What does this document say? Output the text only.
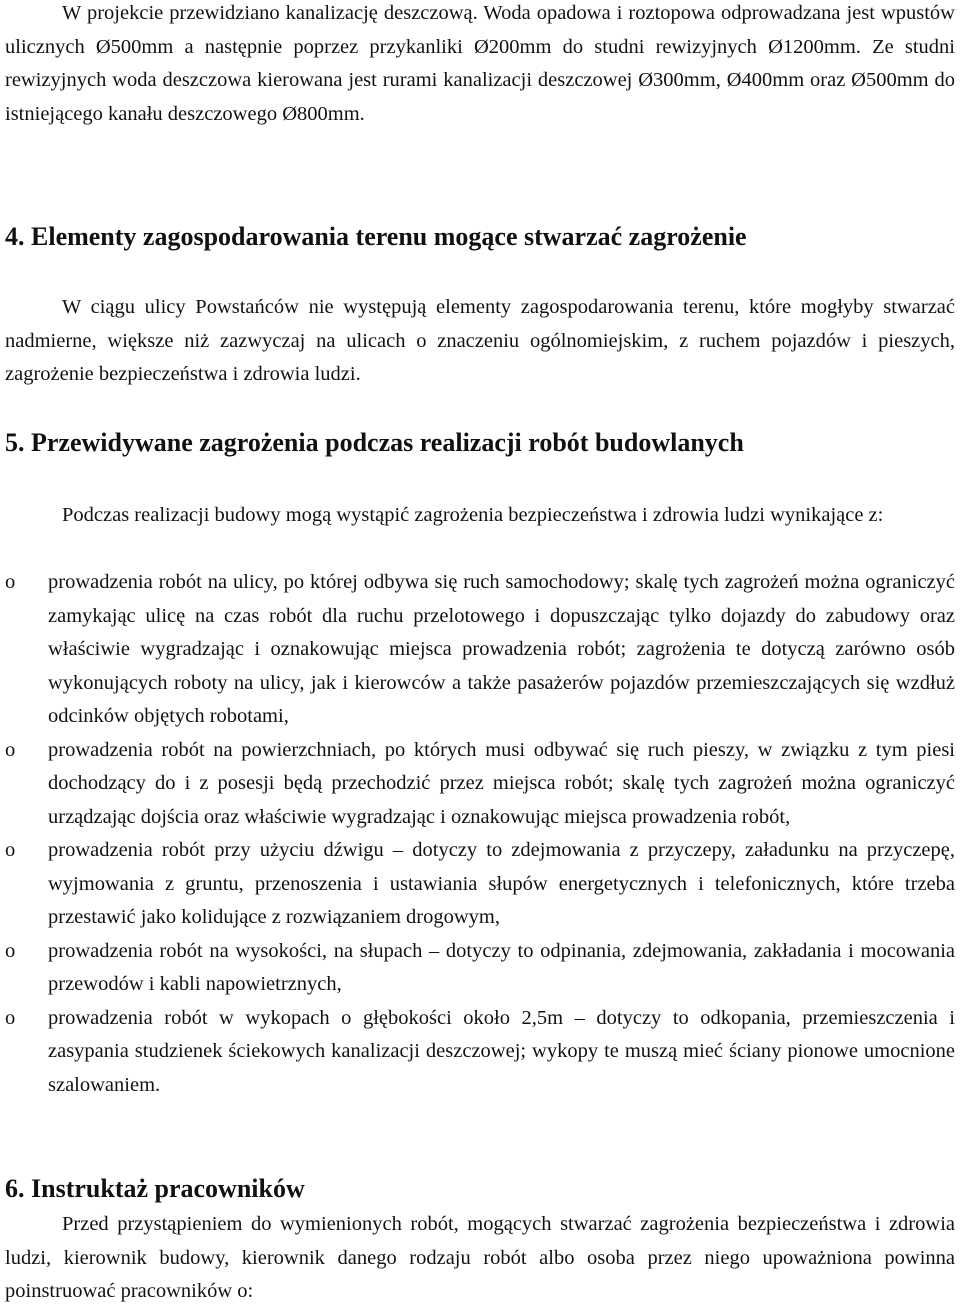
W projekcie przewidziano kanalizację deszczową. Woda opadowa i roztopowa odprowadzana jest wpustów ulicznych Ø500mm a następnie poprzez przykanliki Ø200mm do studni rewizyjnych Ø1200mm. Ze studni rewizyjnych woda deszczowa kierowana jest rurami kanalizacji deszczowej Ø300mm, Ø400mm oraz Ø500mm do istniejącego kanału deszczowego Ø800mm.

4. Elementy zagospodarowania terenu mogące stwarzać zagrożenie

W ciągu ulicy Powstańców nie występują elementy zagospodarowania terenu, które mogłyby stwarzać nadmierne, większe niż zazwyczaj na ulicach o znaczeniu ogólnomiejskim, z ruchem pojazdów i pieszych, zagrożenie bezpieczeństwa i zdrowia ludzi.

5. Przewidywane zagrożenia podczas realizacji robót budowlanych

Podczas realizacji budowy mogą wystąpić zagrożenia bezpieczeństwa i zdrowia ludzi wynikające z:

o prowadzenia robót na ulicy, po której odbywa się ruch samochodowy; skalę tych zagrożeń można ograniczyć zamykając ulicę na czas robót dla ruchu przelotowego i dopuszczając tylko dojazdy do zabudowy oraz właściwie wygradzając i oznakowując miejsca prowadzenia robót; zagrożenia te dotyczą zarówno osób wykonujących roboty na ulicy, jak i kierowców a także pasażerów pojazdów przemieszczających się wzdłuż odcinków objętych robotami,
o prowadzenia robót na powierzchniach, po których musi odbywać się ruch pieszy, w związku z tym piesi dochodzący do i z posesji będą przechodzić przez miejsca robót; skalę tych zagrożeń można ograniczyć urządzając dojścia oraz właściwie wygradzając i oznakowując miejsca prowadzenia robót,
o prowadzenia robót przy użyciu dźwigu – dotyczy to zdejmowania z przyczepy, załadunku na przyczepę, wyjmowania z gruntu, przenoszenia i ustawiania słupów energetycznych i telefonicznych, które trzeba przestawić jako kolidujące z rozwiązaniem drogowym,
o prowadzenia robót na wysokości, na słupach – dotyczy to odpinania, zdejmowania, zakładania i mocowania przewodów i kabli napowietrznych,
o prowadzenia robót w wykopach o głębokości około 2,5m – dotyczy to odkopania, przemieszczenia i zasypania studzienek ściekowych kanalizacji deszczowej; wykopy te muszą mieć ściany pionowe umocnione szalowaniem.
6. Instruktaż pracowników

Przed przystąpieniem do wymienionych robót, mogących stwarzać zagrożenia bezpieczeństwa i zdrowia ludzi, kierownik budowy, kierownik danego rodzaju robót albo osoba przez niego upoważniona powinna poinstruować pracowników o:
